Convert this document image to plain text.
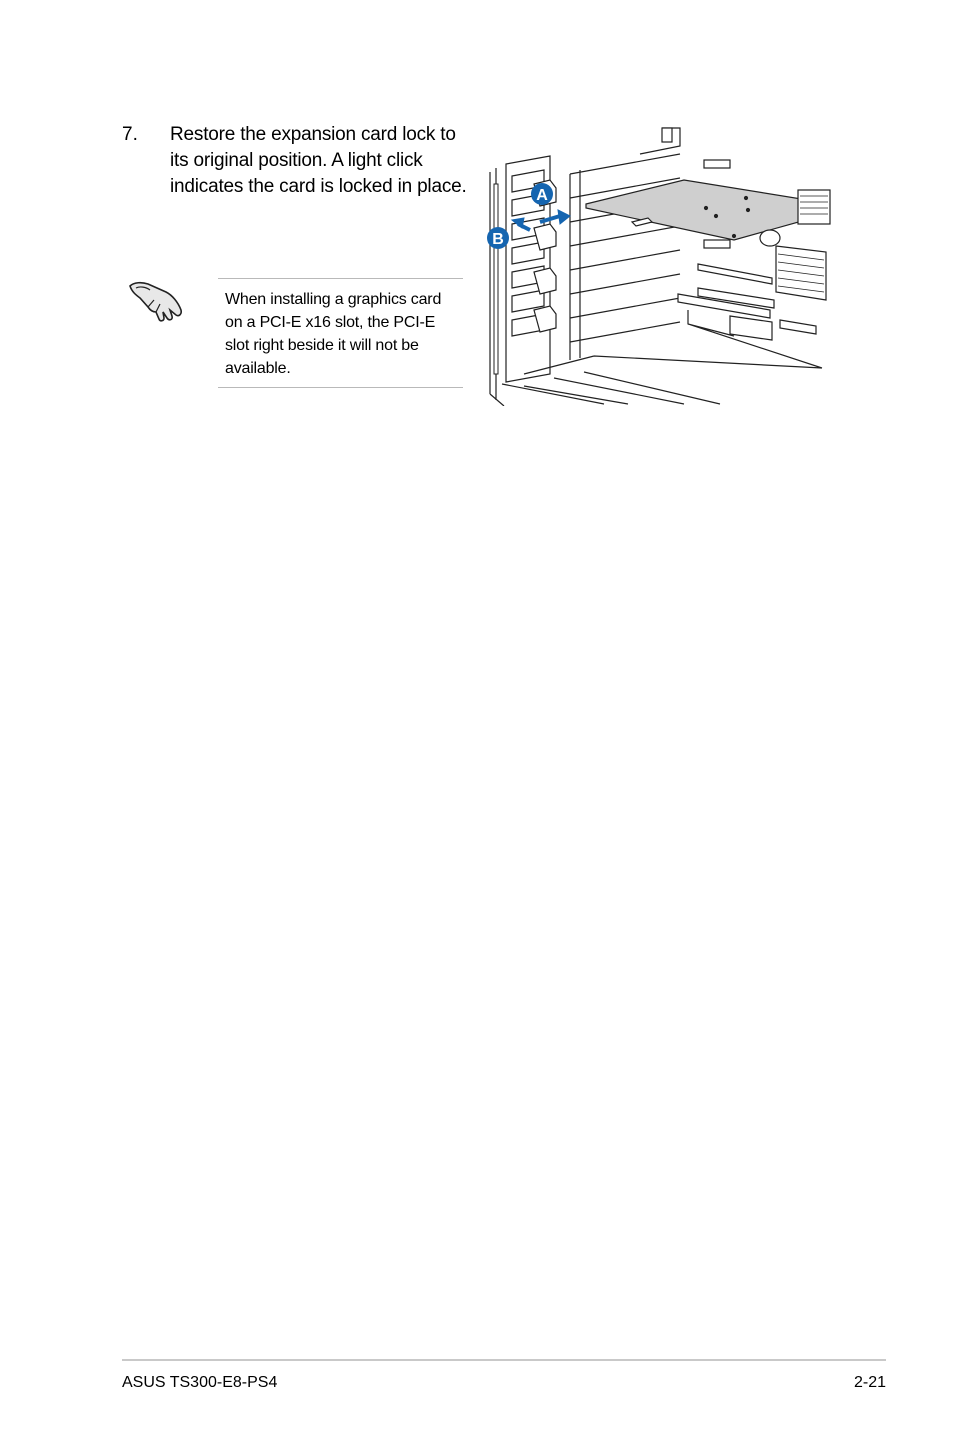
7. Restore the expansion card lock to its original position. A light click indicates the card is locked in place.
When installing a graphics card on a PCI-E x16 slot, the PCI-E slot right beside it will not be available.
A
B
ASUS TS300-E8-PS4	2-21
